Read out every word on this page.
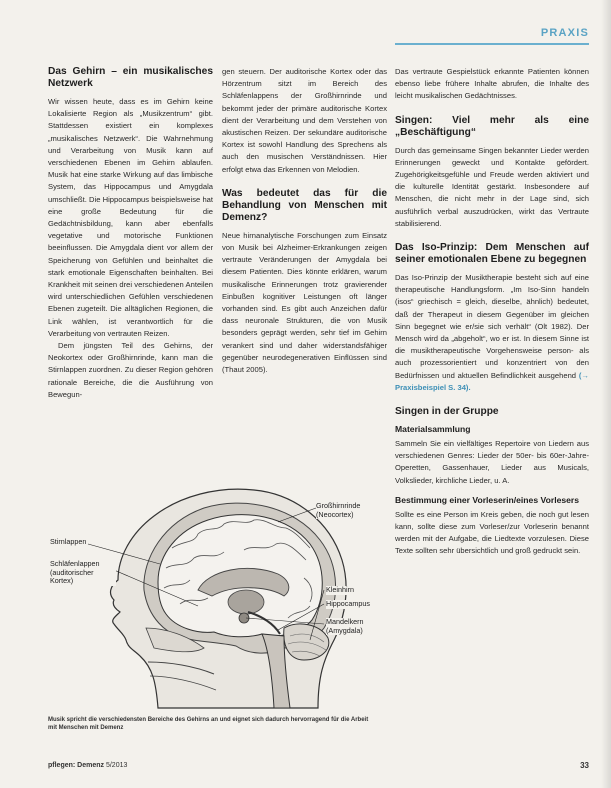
PRAXIS
Das Gehirn – ein musikalisches Netzwerk

Wir wissen heute, dass es im Gehirn keine Lokalisierte Region als „Musikzentrum“ gibt. Stattdessen existiert ein komplexes „musikalisches Netzwerk“. Die Wahrnehmung und Verarbeitung von Musik kann auf verschiedenen Ebenen im Gehirn ablaufen. Musik hat eine starke Wirkung auf das limbische System, das Hippocampus und Amygdala umschließt. Die Hippocampus beispielsweise hat eine große Bedeutung für die Gedächtnisbildung, kann aber ebenfalls vegetative und motorische Funktionen beeinflussen. Die Amygdala dient vor allem der Speicherung von Gefühlen und beinhaltet die stark emotionale Eigenschaften beinhalten. Bei Krankheit mit seinen drei verschiedenen Anteilen wird unterschiedlichen Gefühlen verschiedenen Ebenen zugeteilt. Die alltäglichen Regionen, die Link wählen, ist verantwortlich für die Verarbeitung von vertrauten Reizen.

Dem jüngsten Teil des Gehirns, der Neokortex oder Großhirnrinde, kann man die Stirnlappen zuordnen. Zu dieser Region gehören rationale Bereiche, die die Ausführung von Bewegun-

gen steuern. Der auditorische Kortex oder das Hörzentrum sitzt im Bereich des Schläfenlappens der Großhirnrinde und bekommt jeder der primäre auditorische Kortex dient der Verarbeitung und dem Verstehen von akustischen Reizen. Der sekundäre auditorische Kortex ist sowohl Handlung des Sprechens als auch den musischen Verständnissen. Hier erfolgt etwa das Erkennen von Melodien.

Was bedeutet das für die Behandlung von Menschen mit Demenz?

Neue hirnanalytische Forschungen zum Einsatz von Musik bei Alzheimer-Erkrankungen zeigen vertraute Veränderungen der Amygdala bei diesem Patienten. Dies könnte erklären, warum musikalische Erinnerungen trotz gravierender Einbußen kognitiver Leistungen oft länger vorhanden sind. Es gibt auch Anzeichen dafür dass neuronale Strukturen, die von Musik besonders geprägt werden, sehr tief im Gehirn verankert sind und daher widerstandsfähiger gegenüber neurodegenerativen Einflüssen sind (Thaut 2005).

Das vertraute Gespielstück erkannte Patienten können ebenso liebe frühere Inhalte abrufen, die Inhalte des leicht musikalischen Gedächtnisses.

Singen: Viel mehr als eine „Beschäftigung“

Durch das gemeinsame Singen bekannter Lieder werden Erinnerungen geweckt und Kontakte gefördert. Zugehörigkeitsgefühle und Freude werden aktiviert und die kulturelle Identität gestärkt. Insbesondere auf Menschen, die nicht mehr in der Lage sind, sich ausführlich verbal auszudrücken, wirkt das Vertraute stabilisierend.

Das Iso-Prinzip: Dem Menschen auf seiner emotionalen Ebene zu begegnen

Das Iso-Prinzip der Musiktherapie besteht sich auf eine therapeutische Handlungsform. „Im Iso-Sinn handeln (isos“ griechisch = gleich, dieselbe, ähnlich) bedeutet, daß der Therapeut in diesem Gegenüber im gleichen Sinn begegnet wie er/sie sich verhält“ (Olt 1982). Der Mensch wird da „abgeholt“, wo er ist. In diesem Sinne ist die musiktherapeutische Vorgehensweise person- als auch prozessorientiert und konzentriert von den Bedürfnissen und aktuellen Befindlichkeit ausgehend (→ Praxisbeispiel S. 34).

Singen in der Gruppe
Materialsammlung

Sammeln Sie ein vielfältiges Repertoire von Liedern aus verschiedenen Genres: Lieder der 50er- bis 60er-Jahre-Operetten, Gassenhauer, Lieder aus Musicals, Volkslieder, kirchliche Lieder, u. A.

Bestimmung einer Vorleserin/eines Vorlesers

Sollte es eine Person im Kreis geben, die noch gut lesen kann, sollte diese zum Vorleser/zur Vorleserin benannt werden mit der Aufgabe, die Liedtexte vorzulesen. Diese Texte sollten sehr übersichtlich und groß gedruckt sein.

Großhirnrinde (Neocortex)
Stirnlappen
Schläfenlappen (auditorischer Kortex)
Kleinhirn
Hippocampus
Mandelkern (Amygdala)
Musik spricht die verschiedensten Bereiche des Gehirns an und eignet sich dadurch hervorragend für die Arbeit mit Menschen mit Demenz
pflegen: Demenz 5/2013	33
